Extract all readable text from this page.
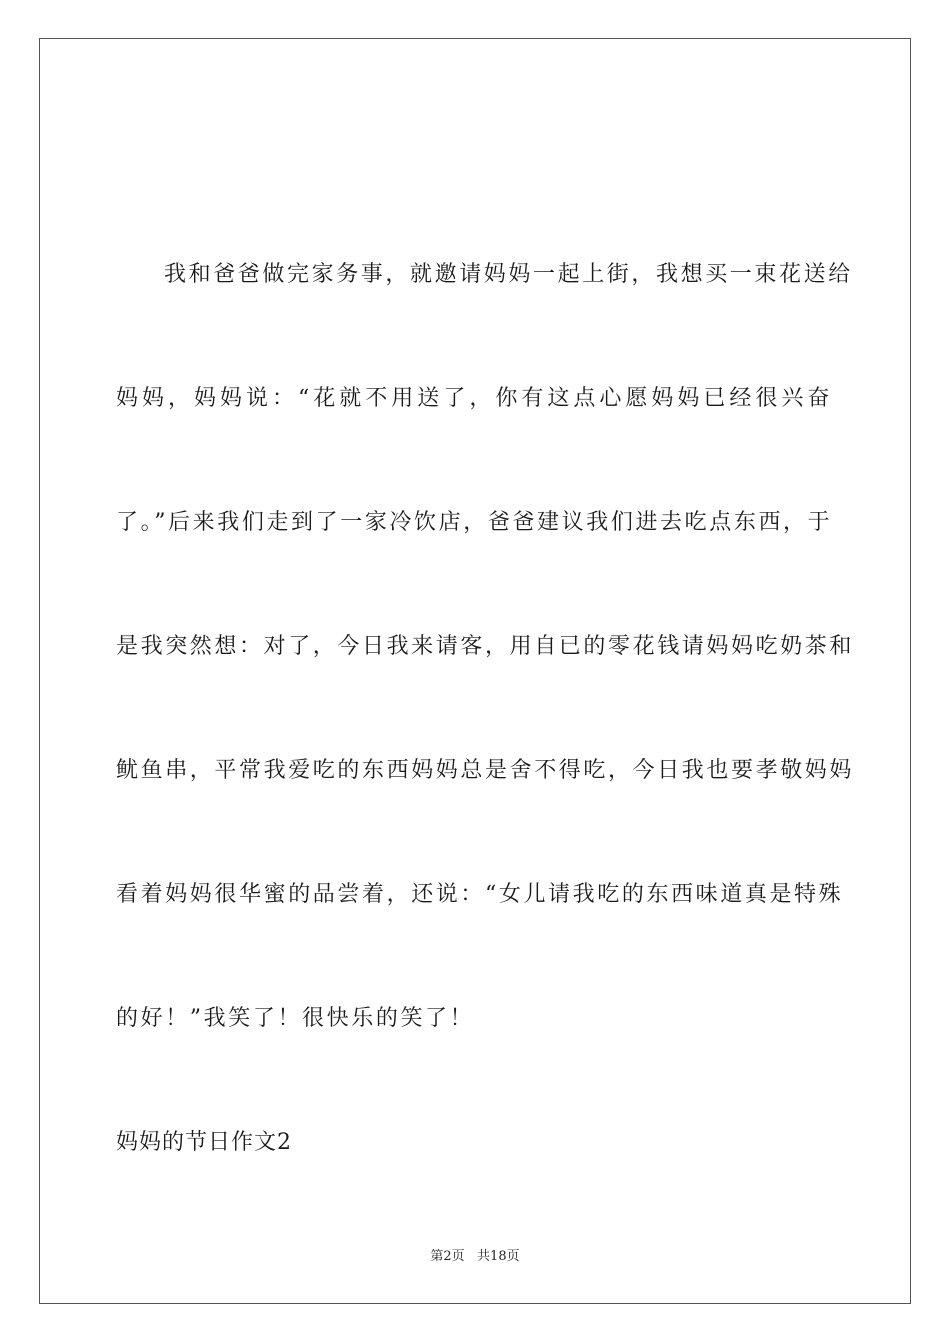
我和爸爸做完家务事，就邀请妈妈一起上街，我想买一束花送给
妈妈，妈妈说：“花就不用送了，你有这点心愿妈妈已经很兴奋
了。”后来我们走到了一家冷饮店，爸爸建议我们进去吃点东西，于
是我突然想：对了，今日我来请客，用自已的零花钱请妈妈吃奶茶和
鱿鱼串，平常我爱吃的东西妈妈总是舍不得吃，今日我也要孝敬妈妈
看着妈妈很华蜜的品尝着，还说：“女儿请我吃的东西味道真是特殊
的好！”我笑了！很快乐的笑了！
妈妈的节日作文2
第2页   共18页
